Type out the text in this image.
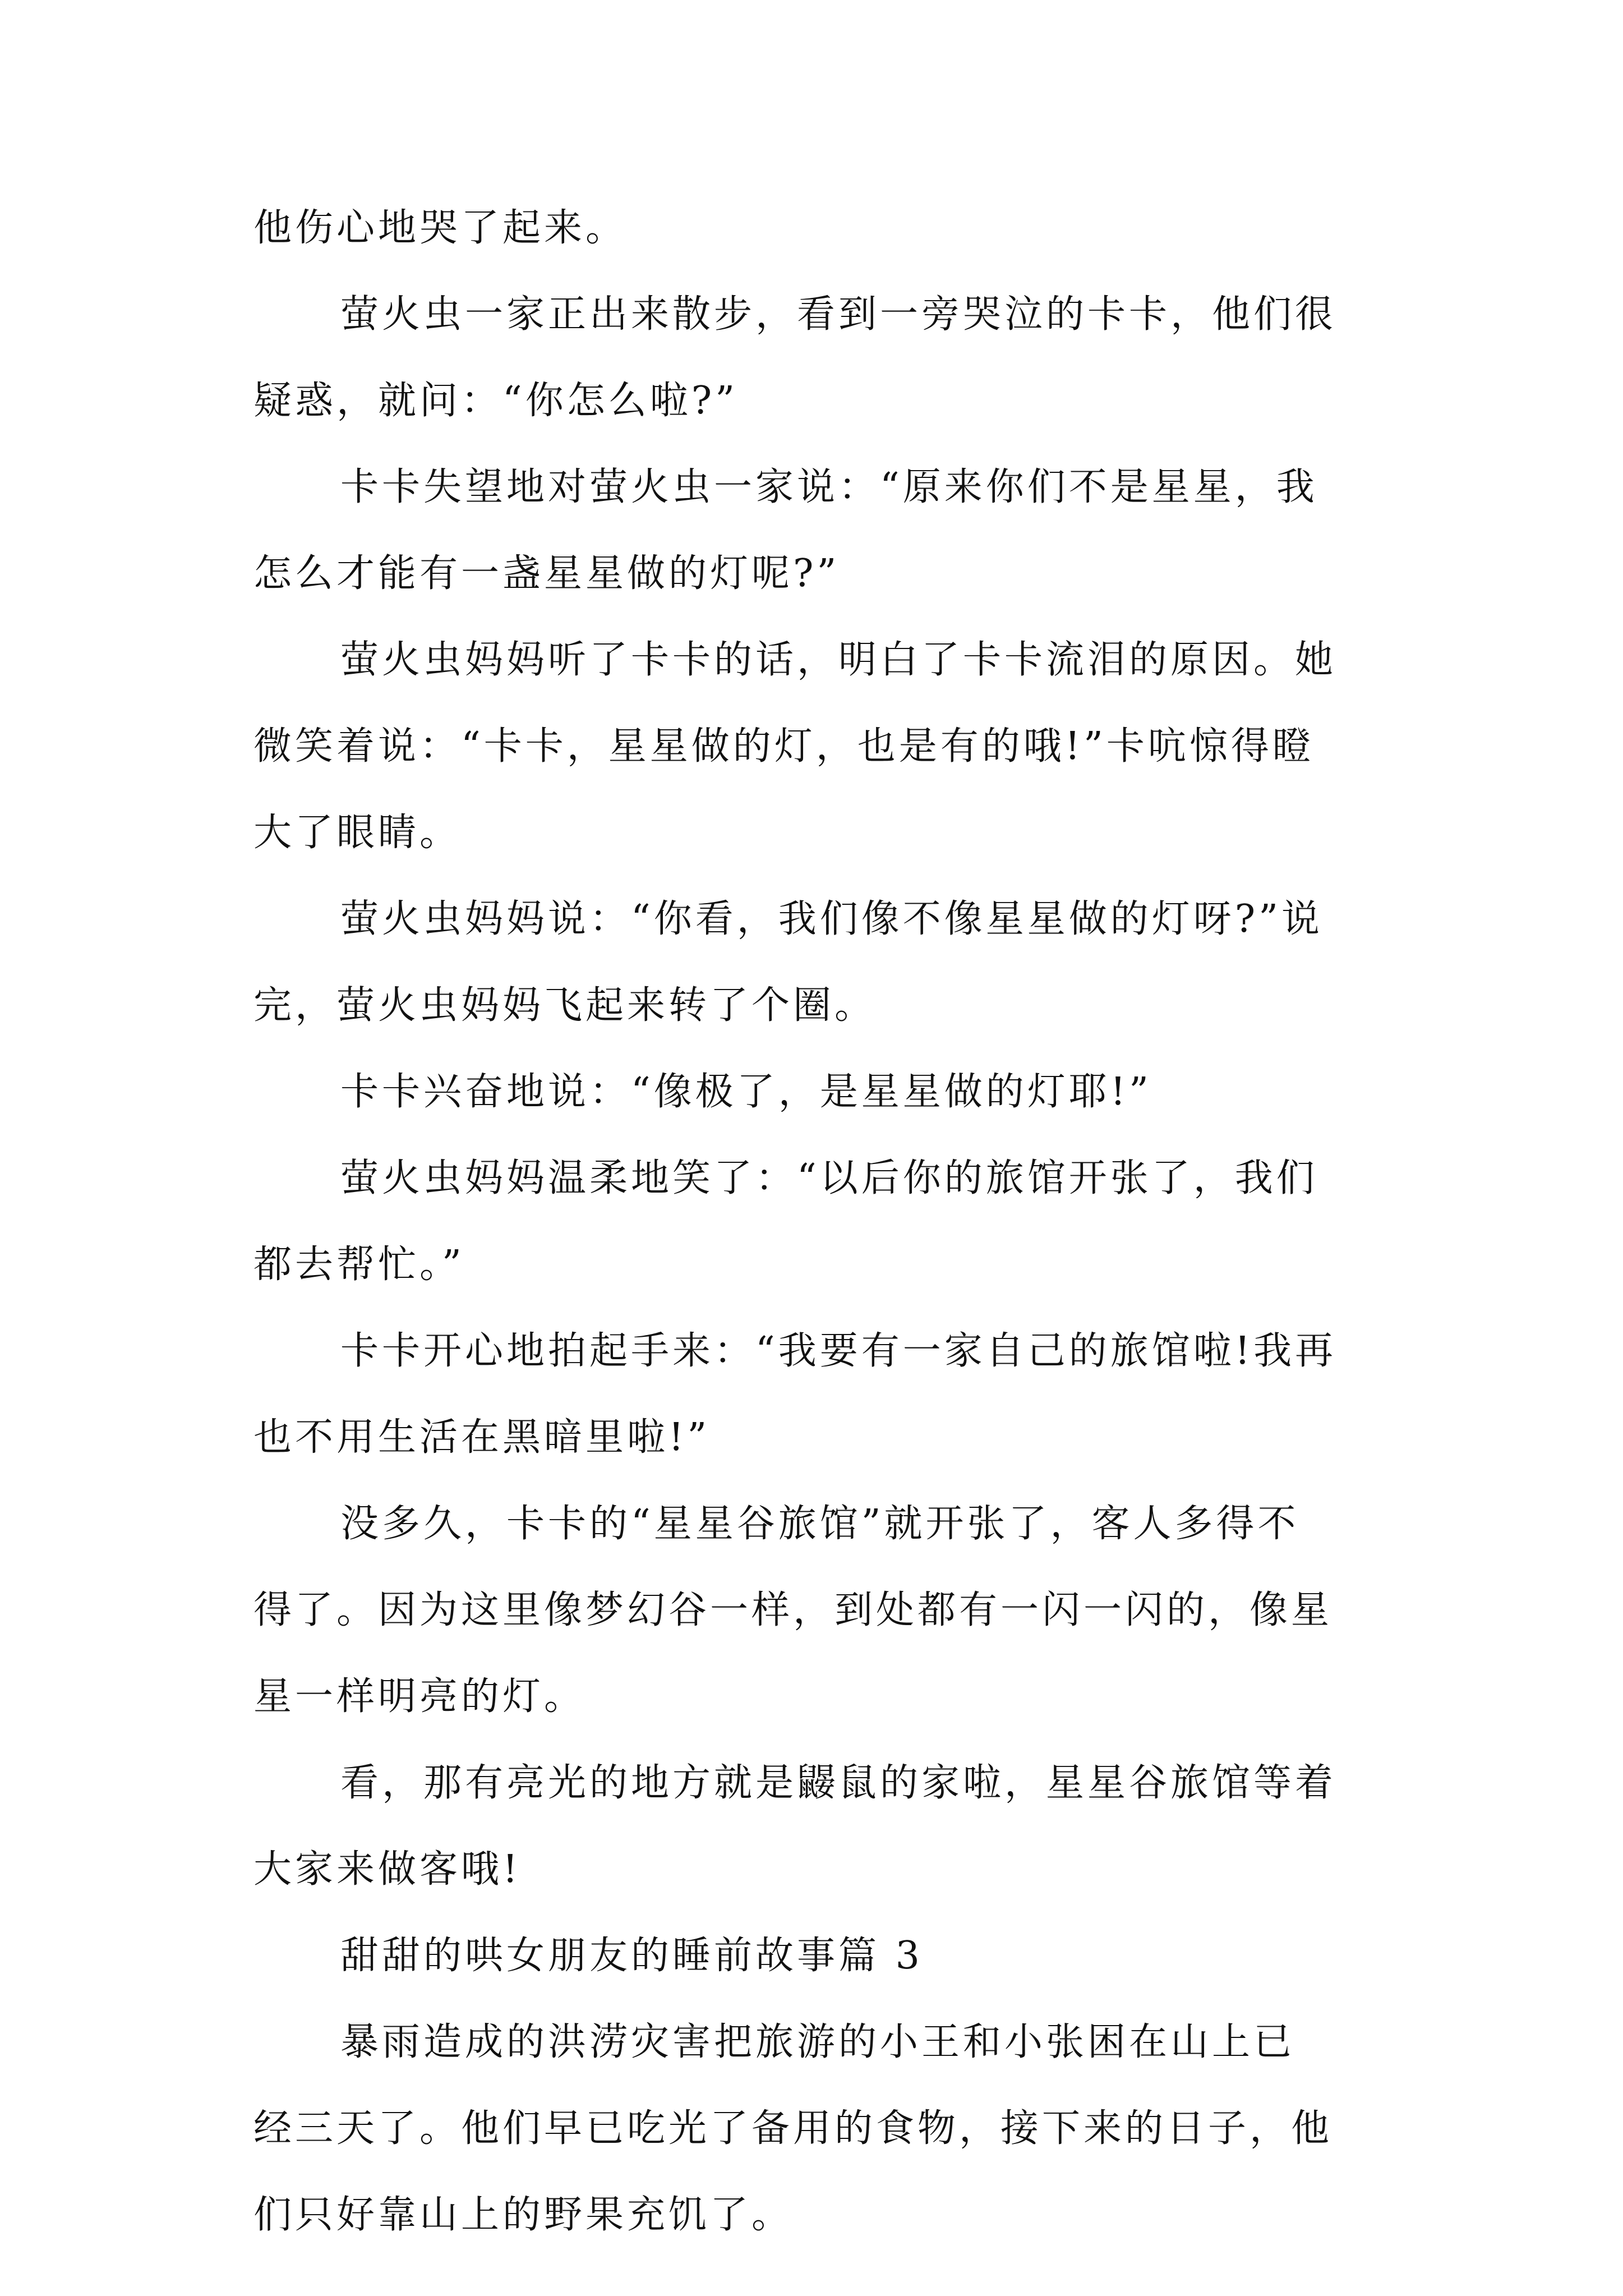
他伤心地哭了起来。

萤火虫一家正出来散步，看到一旁哭泣的卡卡，他们很

疑惑，就问：“你怎么啦?”

卡卡失望地对萤火虫一家说：“原来你们不是星星，我

怎么才能有一盏星星做的灯呢?”

萤火虫妈妈听了卡卡的话，明白了卡卡流泪的原因。她

微笑着说：“卡卡，星星做的灯，也是有的哦!”卡吭惊得瞪

大了眼睛。

萤火虫妈妈说：“你看，我们像不像星星做的灯呀?”说

完，萤火虫妈妈飞起来转了个圈。

卡卡兴奋地说：“像极了，是星星做的灯耶!”

萤火虫妈妈温柔地笑了：“以后你的旅馆开张了，我们

都去帮忙。”

卡卡开心地拍起手来：“我要有一家自己的旅馆啦!我再

也不用生活在黑暗里啦!”

没多久，卡卡的“星星谷旅馆”就开张了，客人多得不

得了。因为这里像梦幻谷一样，到处都有一闪一闪的，像星

星一样明亮的灯。

看，那有亮光的地方就是鼹鼠的家啦，星星谷旅馆等着

大家来做客哦!

甜甜的哄女朋友的睡前故事篇 3

暴雨造成的洪涝灾害把旅游的小王和小张困在山上已

经三天了。他们早已吃光了备用的食物，接下来的日子，他

们只好靠山上的野果充饥了。
